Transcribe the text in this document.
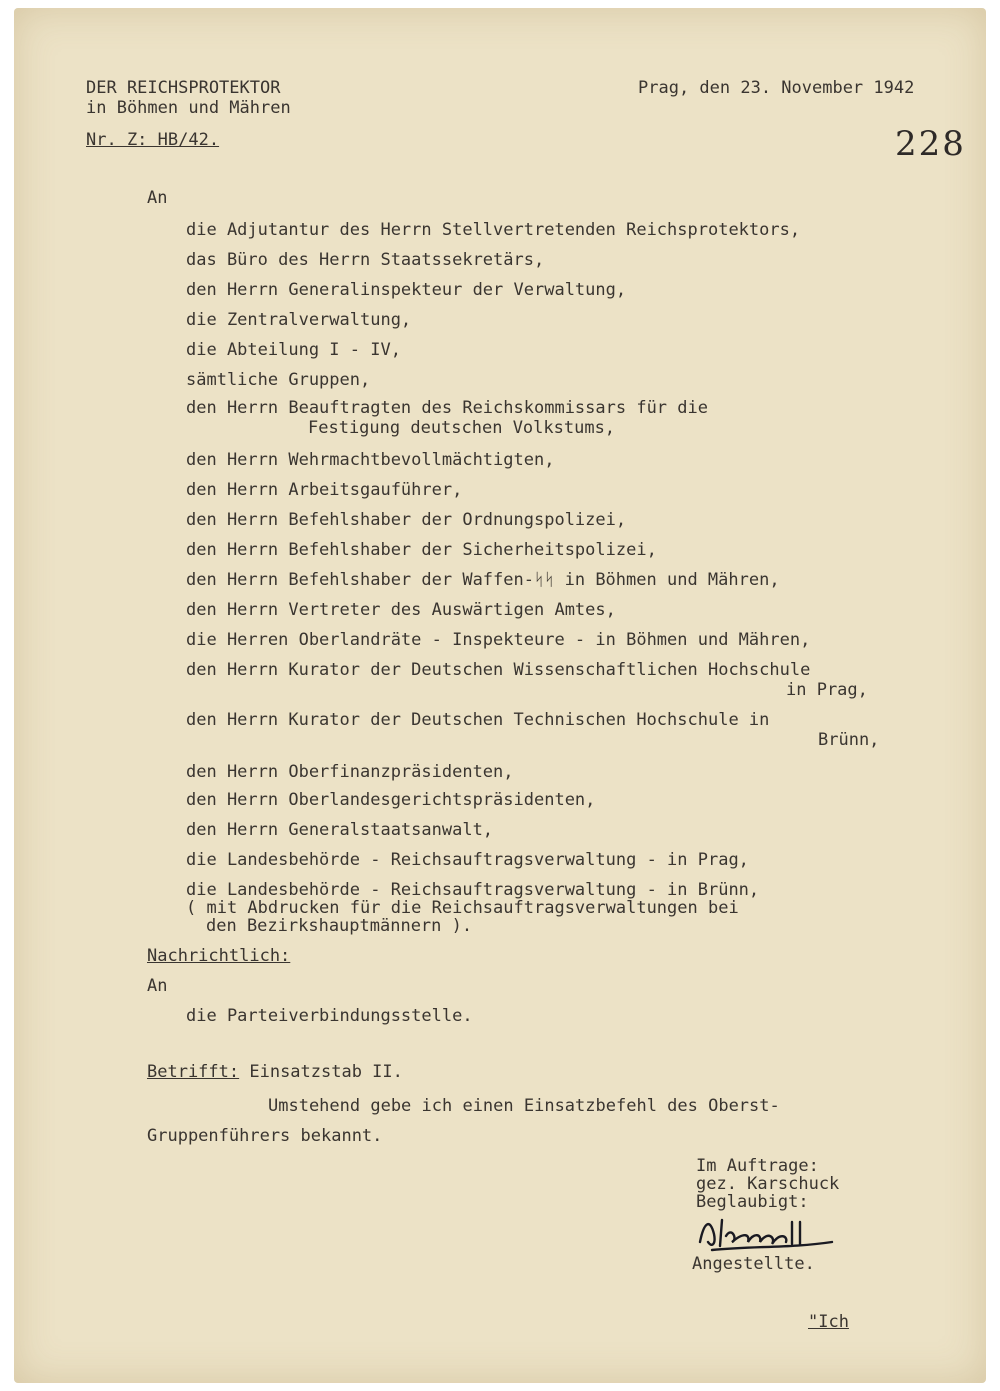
DER REICHSPROTEKTOR
in Böhmen und Mähren
Nr. Z: HB/42.
Prag, den 23. November 1942
228
An
die Adjutantur des Herrn Stellvertretenden Reichsprotektors,
das Büro des Herrn Staatssekretärs,
den Herrn Generalinspekteur der Verwaltung,
die Zentralverwaltung,
die Abteilung I - IV,
sämtliche Gruppen,
den Herrn Beauftragten des Reichskommissars für die
Festigung deutschen Volkstums,
den Herrn Wehrmachtbevollmächtigten,
den Herrn Arbeitsgauführer,
den Herrn Befehlshaber der Ordnungspolizei,
den Herrn Befehlshaber der Sicherheitspolizei,
den Herrn Befehlshaber der Waffen-ᛋᛋ in Böhmen und Mähren,
den Herrn Vertreter des Auswärtigen Amtes,
die Herren Oberlandräte - Inspekteure - in Böhmen und Mähren,
den Herrn Kurator der Deutschen Wissenschaftlichen Hochschule
in Prag,
den Herrn Kurator der Deutschen Technischen Hochschule in
Brünn,
den Herrn Oberfinanzpräsidenten,
den Herrn Oberlandesgerichtspräsidenten,
den Herrn Generalstaatsanwalt,
die Landesbehörde - Reichsauftragsverwaltung - in Prag,
die Landesbehörde - Reichsauftragsverwaltung - in Brünn,
( mit Abdrucken für die Reichsauftragsverwaltungen bei
den Bezirkshauptmännern ).
Nachrichtlich:
An
die Parteiverbindungsstelle.
Betrifft: Einsatzstab II.
Umstehend gebe ich einen Einsatzbefehl des Oberst-
Gruppenführers bekannt.
Im Auftrage:
gez. Karschuck
Beglaubigt:
Angestellte.
"Ich
